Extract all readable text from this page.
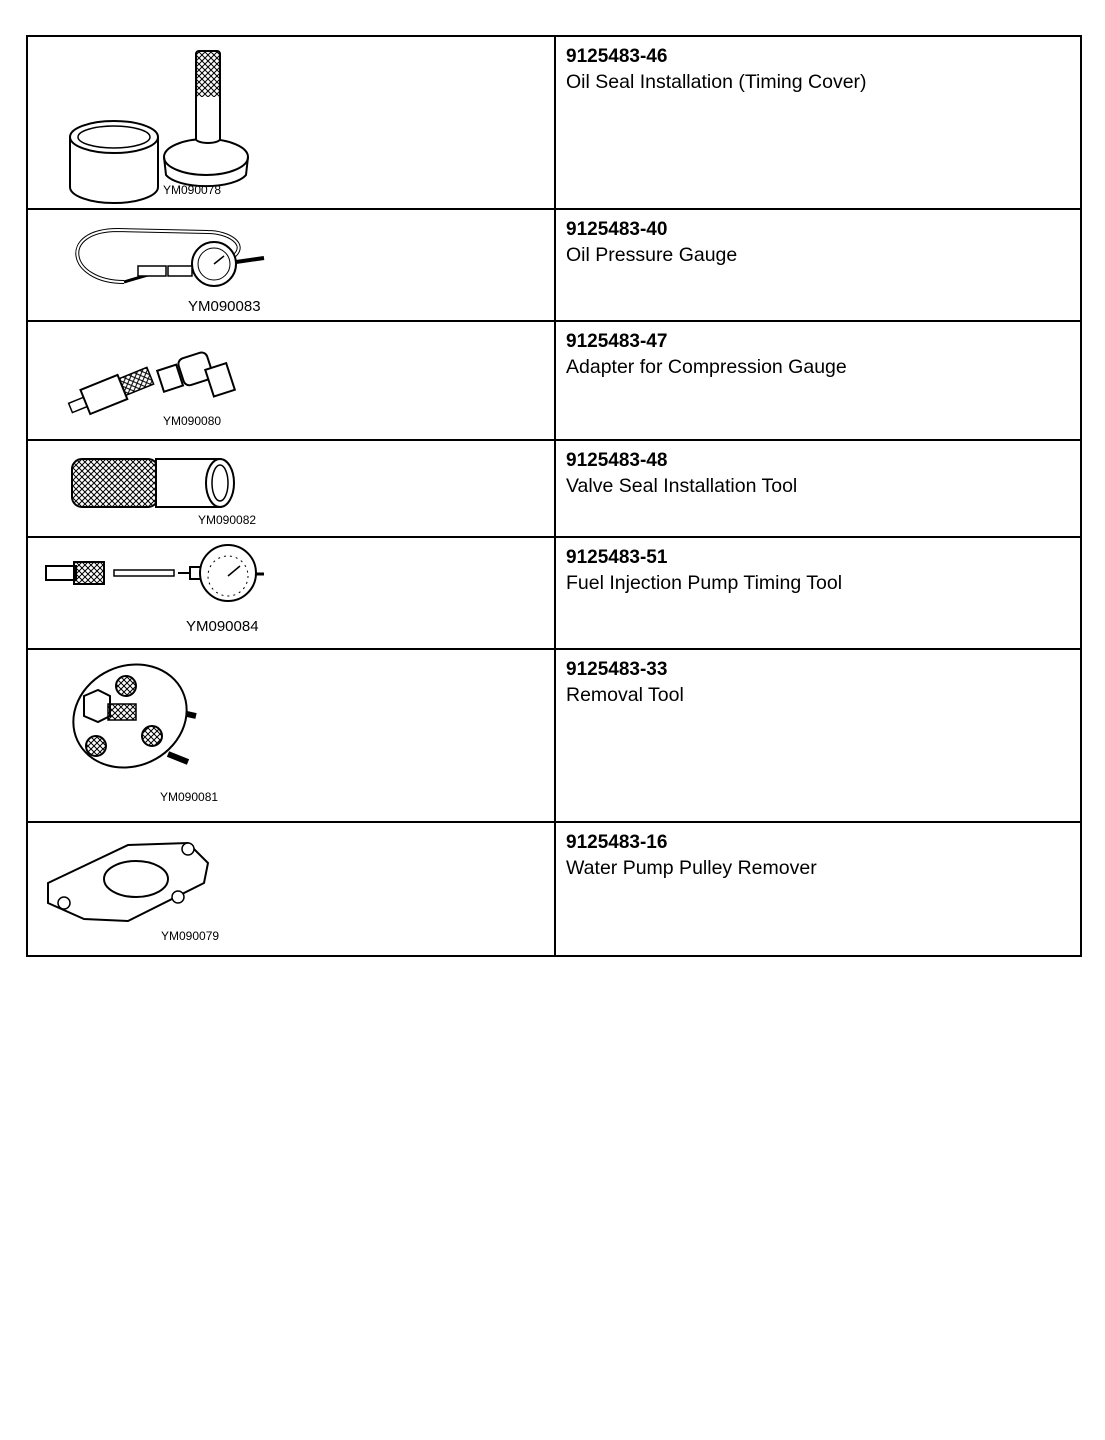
YM090078	9125483-46
Oil Seal Installation (Timing Cover)

YM090083	9125483-40
Oil Pressure Gauge

YM090080	9125483-47
Adapter for Compression Gauge

YM090082	9125483-48
Valve Seal Installation Tool

YM090084	9125483-51
Fuel Injection Pump Timing Tool

YM090081	9125483-33
Removal Tool

YM090079	9125483-16
Water Pump Pulley Remover
